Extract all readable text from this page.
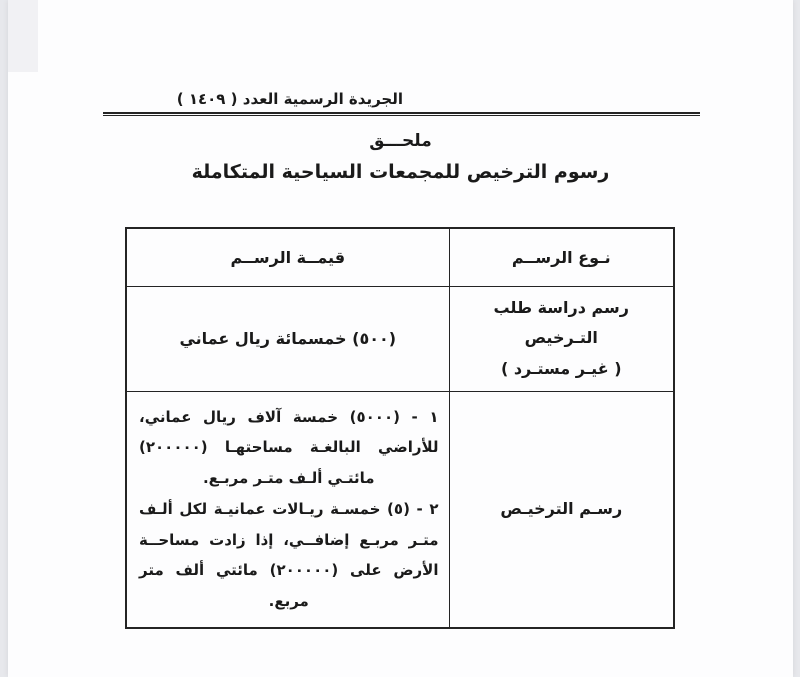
الجريدة الرسمية العدد ( ١٤٠٩ )
ملحـــق
رسوم الترخيص للمجمعات السياحية المتكاملة
نـوع الرســم	قيمــة الرســم

رسم دراسة طلب التـرخيص
( غيـر مستـرد )	(٥٠٠) خمسمائة ريال عماني
رسـم الترخيـص	١ - (٥٠٠٠) خمسة آلاف ريال عماني، للأراضي البالغـة مساحتهـا (٢٠٠٠٠٠) مائتـي ألـف متـر مربـع.
٢ - (٥) خمسـة ريـالات عمانيـة لكل ألـف متـر مربـع إضافــي، إذا زادت مساحــة الأرض على (٢٠٠٠٠٠) مائتي ألف متر مربع.
